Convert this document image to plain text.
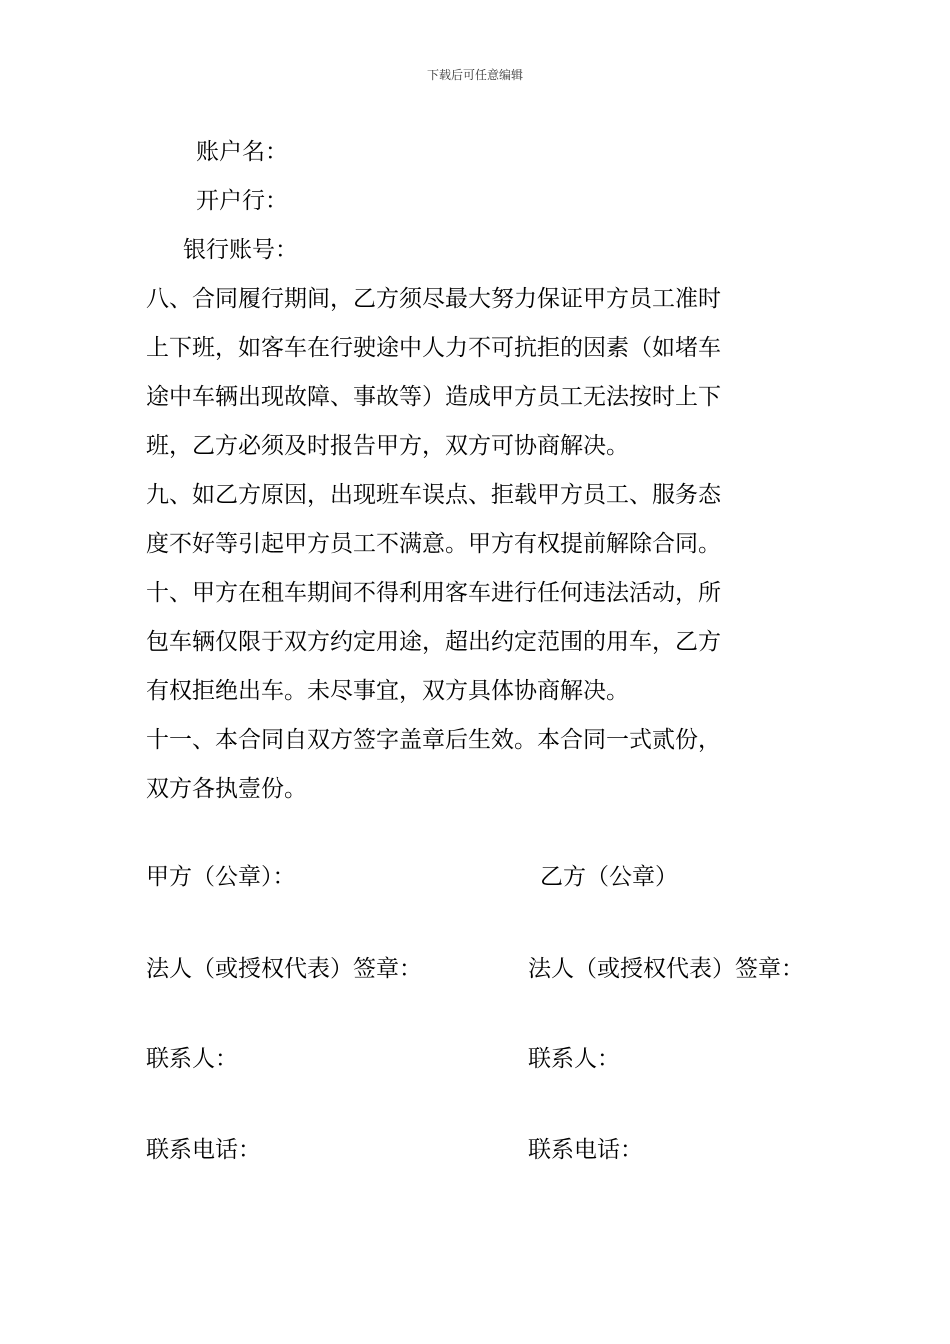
下载后可任意编辑
账户名：
开户行：
银行账号：
八、合同履行期间，乙方须尽最大努力保证甲方员工准时
上下班，如客车在行驶途中人力不可抗拒的因素（如堵车
途中车辆出现故障、事故等）造成甲方员工无法按时上下
班，乙方必须及时报告甲方，双方可协商解决。
九、如乙方原因，出现班车误点、拒载甲方员工、服务态
度不好等引起甲方员工不满意。甲方有权提前解除合同。
十、甲方在租车期间不得利用客车进行任何违法活动，所
包车辆仅限于双方约定用途，超出约定范围的用车，乙方
有权拒绝出车。未尽事宜，双方具体协商解决。
十一、本合同自双方签字盖章后生效。本合同一式贰份，
双方各执壹份。
甲方（公章）：	乙方（公章）
法人（或授权代表）签章：	法人（或授权代表）签章：
联系人：	联系人：
联系电话：	联系电话：
